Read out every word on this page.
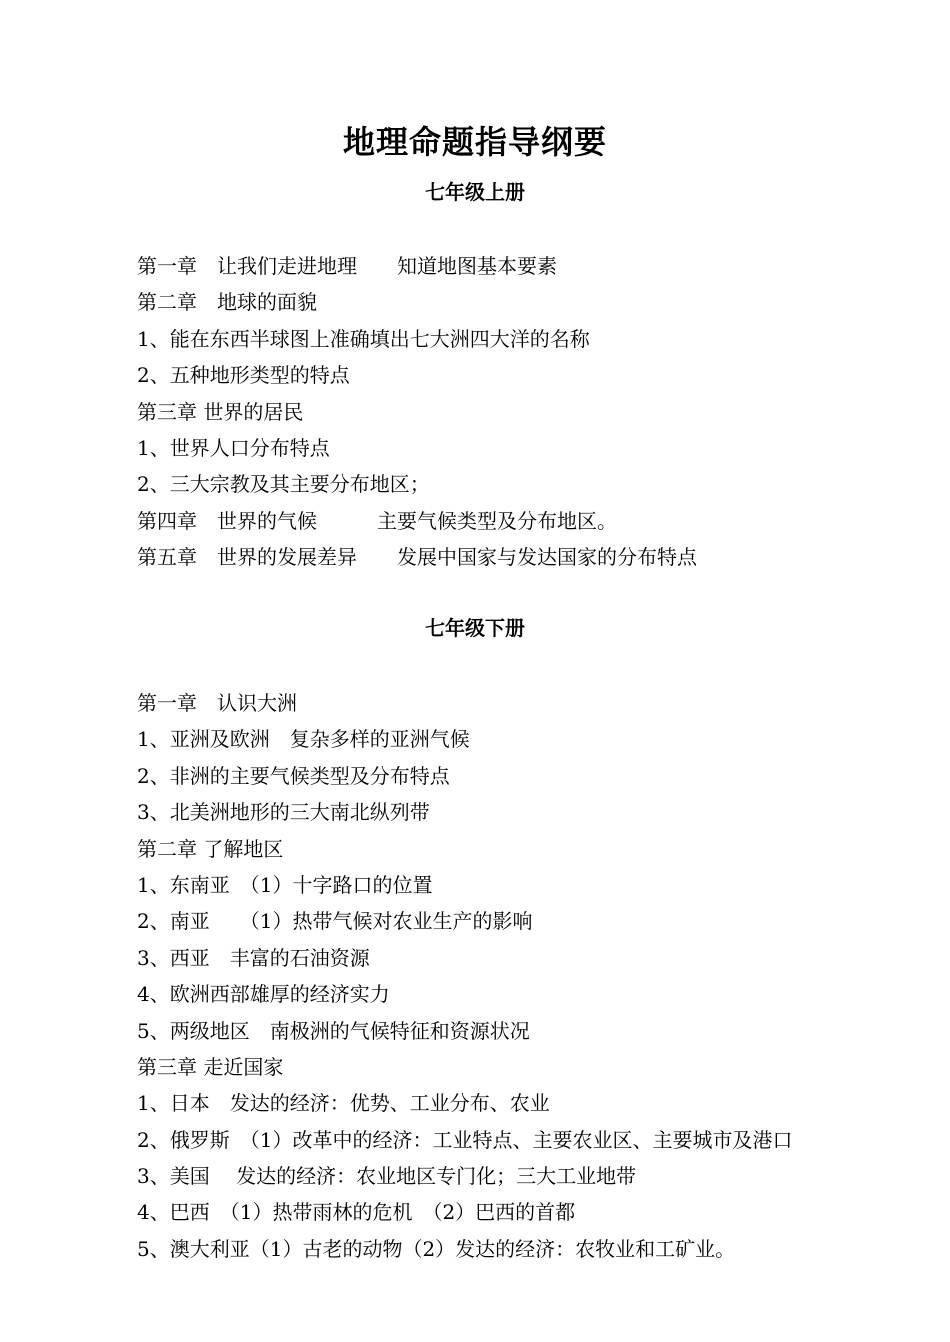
地理命题指导纲要
七年级上册
第一章　让我们走进地理　　知道地图基本要素
第二章　地球的面貌
1、能在东西半球图上准确填出七大洲四大洋的名称
2、五种地形类型的特点
第三章 世界的居民
1、世界人口分布特点
2、三大宗教及其主要分布地区；
第四章　世界的气候　　　主要气候类型及分布地区。
第五章　世界的发展差异　　发展中国家与发达国家的分布特点
七年级下册
第一章　认识大洲
1、亚洲及欧洲　复杂多样的亚洲气候
2、非洲的主要气候类型及分布特点
3、北美洲地形的三大南北纵列带
第二章 了解地区
1、东南亚　（1）十字路口的位置
2、南亚　　（1）热带气候对农业生产的影响
3、西亚　丰富的石油资源
4、欧洲西部雄厚的经济实力
5、两级地区　南极洲的气候特征和资源状况
第三章 走近国家
1、日本　发达的经济：优势、工业分布、农业
2、俄罗斯　（1）改革中的经济：工业特点、主要农业区、主要城市及港口
3、美国　 发达的经济：农业地区专门化；三大工业地带
4、巴西　（1）热带雨林的危机　（2）巴西的首都
5、澳大利亚（1）古老的动物（2）发达的经济：农牧业和工矿业。
